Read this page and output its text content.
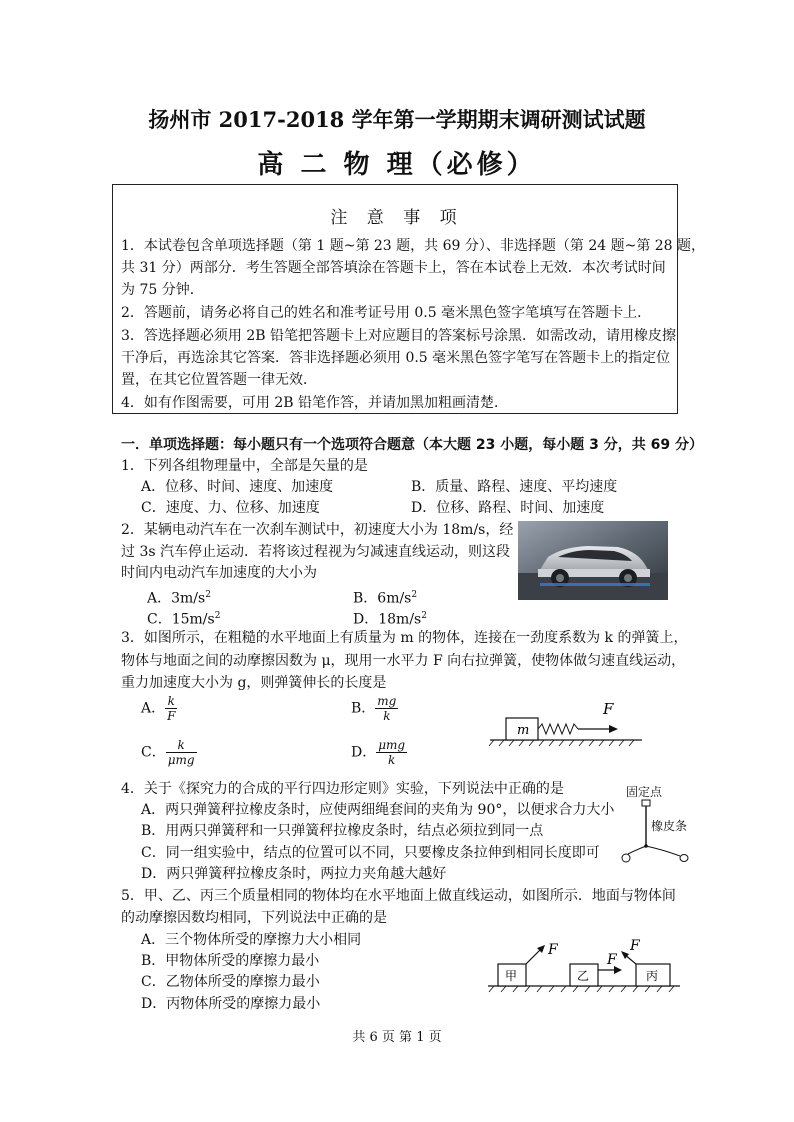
扬州市 2017-2018 学年第一学期期末调研测试试题
高 二 物 理（必修）
注 意 事 项
1．本试卷包含单项选择题（第 1 题~第 23 题，共 69 分）、非选择题（第 24 题~第 28 题，
共 31 分）两部分．考生答题全部答填涂在答题卡上，答在本试卷上无效．本次考试时间
为 75 分钟．
2．答题前，请务必将自己的姓名和准考证号用 0.5 毫米黑色签字笔填写在答题卡上．
3．答选择题必须用 2B 铅笔把答题卡上对应题目的答案标号涂黑．如需改动，请用橡皮擦
干净后，再选涂其它答案．答非选择题必须用 0.5 毫米黑色签字笔写在答题卡上的指定位
置，在其它位置答题一律无效．
4．如有作图需要，可用 2B 铅笔作答，并请加黑加粗画清楚．
一．单项选择题：每小题只有一个选项符合题意（本大题 23 小题，每小题 3 分，共 69 分）
1．下列各组物理量中，全部是矢量的是
A．位移、时间、速度、加速度	B．质量、路程、速度、平均速度
C．速度、力、位移、加速度	D．位移、路程、时间、加速度
2．某辆电动汽车在一次刹车测试中，初速度大小为 18m/s，经
过 3s 汽车停止运动．若将该过程视为匀减速直线运动，则这段
时间内电动汽车加速度的大小为
A．$3m/s^2$	B．$6m/s^2$
C．$15m/s^2$	D．$18m/s^2$
3．如图所示，在粗糙的水平地面上有质量为 m 的物体，连接在一劲度系数为 k 的弹簧上，
物体与地面之间的动摩擦因数为 μ，现用一水平力 F 向右拉弹簧，使物体做匀速直线运动，
重力加速度大小为 g，则弹簧伸长的长度是
A． $\frac{k}{F}$	B． $\frac{mg}{k}$
C． $\frac{k}{\text{μmg}}$	D． $\frac{\text{μmg}}{k}$
m
F
4．关于《探究力的合成的平行四边形定则》实验，下列说法中正确的是
A．两只弹簧秤拉橡皮条时，应使两细绳套间的夹角为 90°，以便求合力大小
B．用两只弹簧秤和一只弹簧秤拉橡皮条时，结点必须拉到同一点
C．同一组实验中，结点的位置可以不同，只要橡皮条拉伸到相同长度即可
D．两只弹簧秤拉橡皮条时，两拉力夹角越大越好
固定点
橡皮条
5．甲、乙、丙三个质量相同的物体均在水平地面上做直线运动，如图所示．地面与物体间
的动摩擦因数均相同，下列说法中正确的是
A．三个物体所受的摩擦力大小相同
B．甲物体所受的摩擦力最小
C．乙物体所受的摩擦力最小
D．丙物体所受的摩擦力最小
甲
F
乙
F
丙
F
共 6 页 第 1 页
